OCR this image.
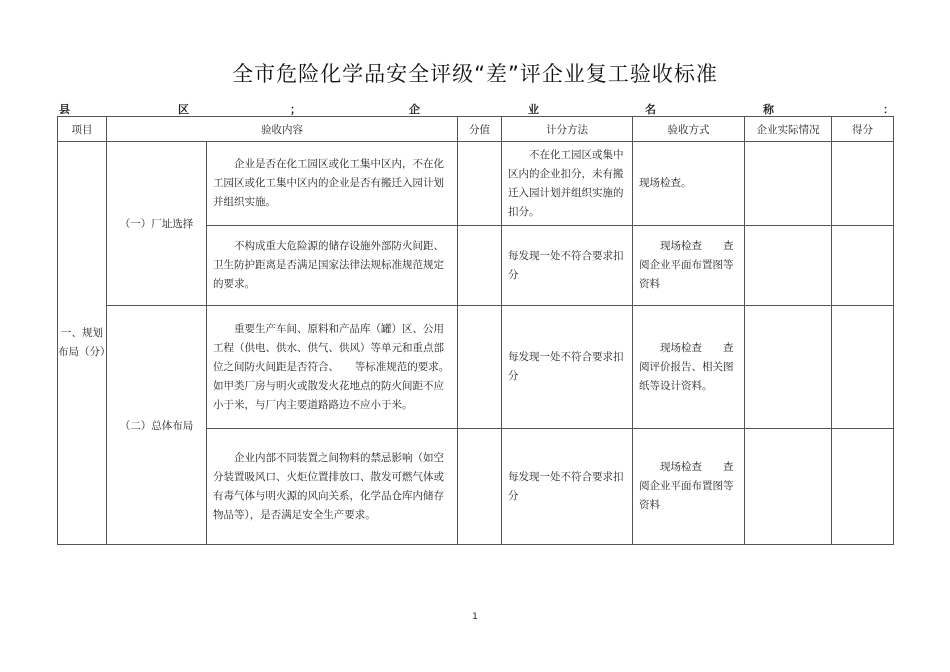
全市危险化学品安全评级“差”评企业复工验收标准
县	区	；	企	业	名	称	：
项目	验收内容		分值	计分方法	验收方式	企业实际情况	得分
一、规划布局（分）	（一）厂址选择	企业是否在化工园区或化工集中区内，不在化工园区或化工集中区内的企业是否有搬迁入园计划并组织实施。		不在化工园区或集中区内的企业扣分，未有搬迁入园计划并组织实施的扣分。	现场检查。		
		不构成重大危险源的储存设施外部防火间距、卫生防护距离是否满足国家法律法规标准规范规定的要求。		每发现一处不符合要求扣分	现场检查　　查阅企业平面布置图等资料		
	（二）总体布局	重要生产车间、原料和产品库（罐）区、公用工程（供电、供水、供气、供风）等单元和重点部位之间防火间距是否符合、　　等标准规范的要求。如甲类厂房与明火或散发火花地点的防火间距不应小于米，与厂内主要道路路边不应小于米。		每发现一处不符合要求扣分	现场检查　　查阅评价报告、相关图纸等设计资料。		
		企业内部不同装置之间物料的禁忌影响（如空分装置吸风口、火炬位置排放口、散发可燃气体或有毒气体与明火源的风向关系，化学品仓库内储存物品等），是否满足安全生产要求。		每发现一处不符合要求扣分	现场检查　　查阅企业平面布置图等资料		
1
